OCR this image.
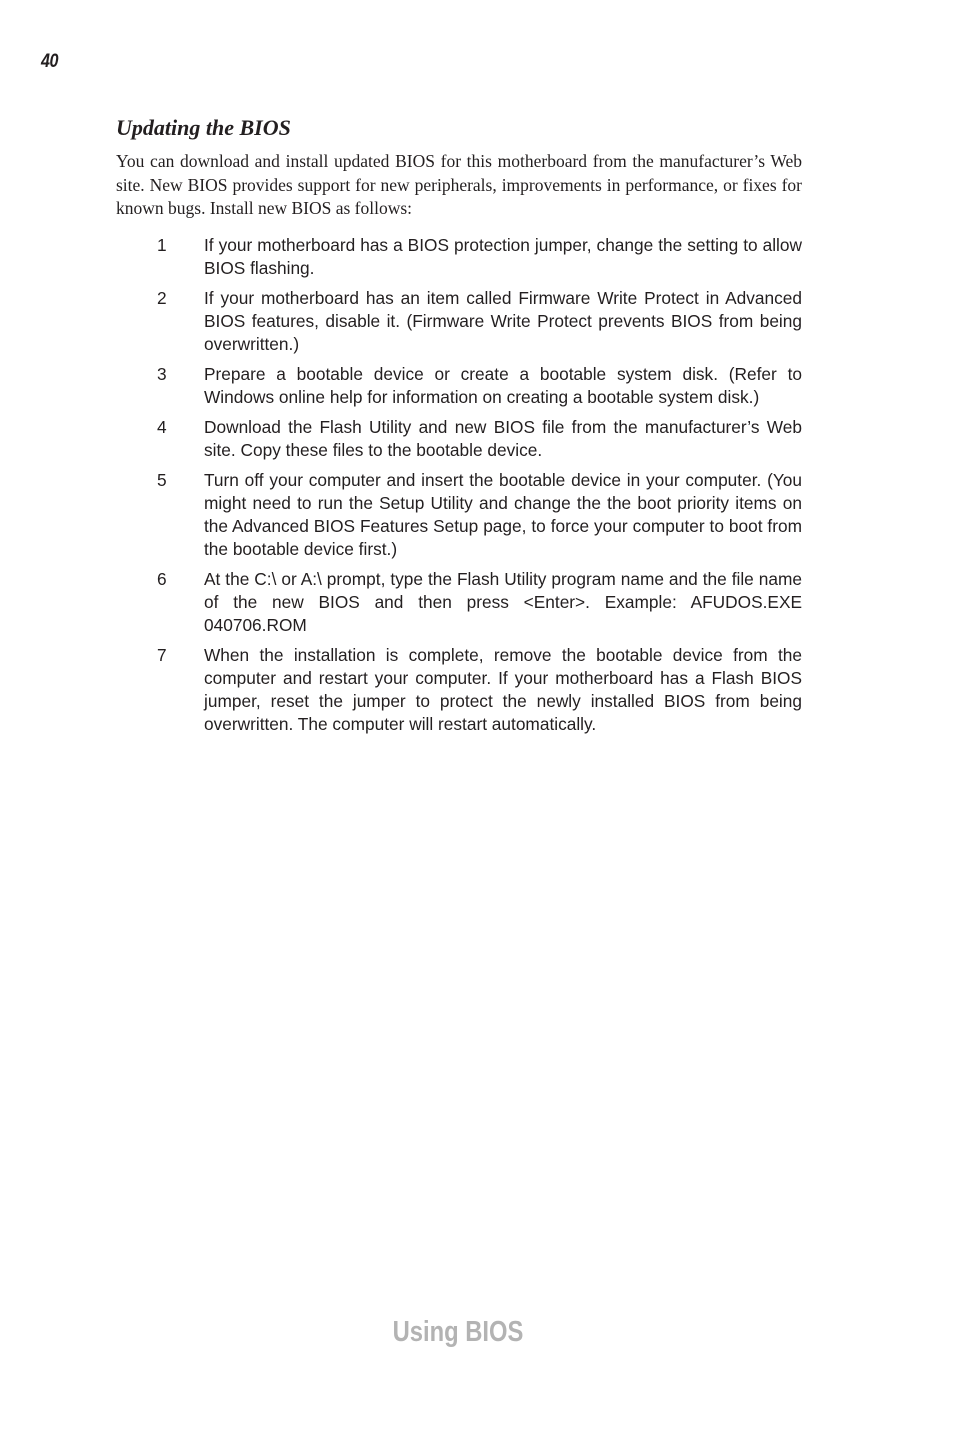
40
Updating the BIOS

You can download and install updated BIOS for this motherboard from the manufacturer’s Web site. New BIOS provides support for new peripherals, improvements in performance, or fixes for known bugs. Install new BIOS as follows:

1 If your motherboard has a BIOS protection jumper, change the setting to allow BIOS flashing.
2 If your motherboard has an item called Firmware Write Protect in Advanced BIOS features, disable it. (Firmware Write Protect prevents BIOS from being overwritten.)
3 Prepare a bootable device or create a bootable system disk. (Refer to Windows online help for information on creating a bootable system disk.)
4 Download the Flash Utility and new BIOS file from the manufacturer’s Web site. Copy these files to the bootable device.
5 Turn off your computer and insert the bootable device in your computer. (You might need to run the Setup Utility and change the the boot priority items on the Advanced BIOS Features Setup page, to force your computer to boot from the bootable device first.)
6 At the C:\ or A:\ prompt, type the Flash Utility program name and the file name of the new BIOS and then press <Enter>. Example: AFUDOS.EXE 040706.ROM
7 When the installation is complete, remove the bootable device from the computer and restart your computer. If your motherboard has a Flash BIOS jumper, reset the jumper to protect the newly installed BIOS from being overwritten. The computer will restart automatically.
Using BIOS
